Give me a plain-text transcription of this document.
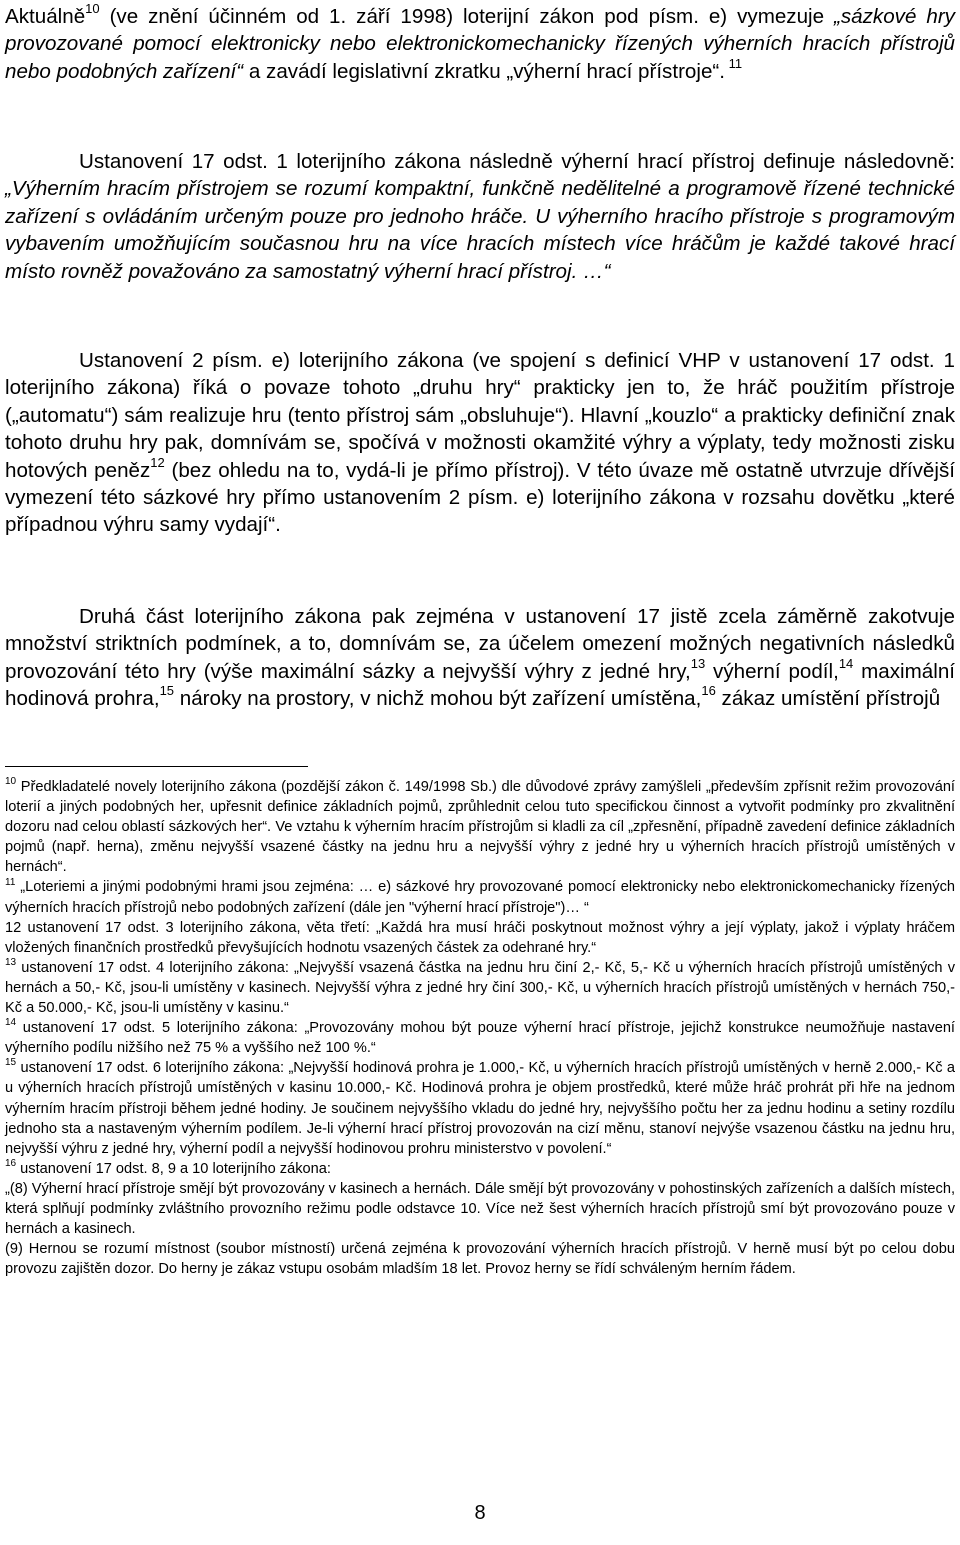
Aktuálně$^{10}$ (ve znění účinném od 1. září 1998) loterijní zákon pod písm. e) vymezuje „sázkové hry provozované pomocí elektronicky nebo elektronickomechanicky řízených výherních hracích přístrojů nebo podobných zařízení“ a zavádí legislativní zkratku „výherní hrací přístroje“. $^{11}$

Ustanovení 17 odst. 1 loterijního zákona následně výherní hrací přístroj definuje následovně: „Výherním hracím přístrojem se rozumí kompaktní, funkčně nedělitelné a programově řízené technické zařízení s ovládáním určeným pouze pro jednoho hráče. U výherního hracího přístroje s programovým vybavením umožňujícím současnou hru na více hracích místech více hráčům je každé takové hrací místo rovněž považováno za samostatný výherní hrací přístroj. …“

Ustanovení 2 písm. e) loterijního zákona (ve spojení s definicí VHP v ustanovení 17 odst. 1 loterijního zákona) říká o povaze tohoto „druhu hry“ prakticky jen to, že hráč použitím přístroje („automatu“) sám realizuje hru (tento přístroj sám „obsluhuje“). Hlavní „kouzlo“ a prakticky definiční znak tohoto druhu hry pak, domnívám se, spočívá v možnosti okamžité výhry a výplaty, tedy možnosti zisku hotových peněz$^{12}$ (bez ohledu na to, vydá-li je přímo přístroj). V této úvaze mě ostatně utvrzuje dřívější vymezení této sázkové hry přímo ustanovením 2 písm. e) loterijního zákona v rozsahu dovětku „které případnou výhru samy vydají“.

Druhá část loterijního zákona pak zejména v ustanovení 17 jistě zcela záměrně zakotvuje množství striktních podmínek, a to, domnívám se, za účelem omezení možných negativních následků provozování této hry (výše maximální sázky a nejvyšší výhry z jedné hry,$^{13}$ výherní podíl,$^{14}$ maximální hodinová prohra,$^{15}$ nároky na prostory, v nichž mohou být zařízení umístěna,$^{16}$ zákaz umístění přístrojů

$^{10}$ Předkladatelé novely loterijního zákona (pozdější zákon č. 149/1998 Sb.) dle důvodové zprávy zamýšleli „především zpřísnit režim provozování loterií a jiných podobných her, upřesnit definice základních pojmů, zprůhlednit celou tuto specifickou činnost a vytvořit podmínky pro zkvalitnění dozoru nad celou oblastí sázkových her“. Ve vztahu k výherním hracím přístrojům si kladli za cíl „zpřesnění, případně zavedení definice základních pojmů (např. herna), změnu nejvyšší vsazené částky na jednu hru a nejvyšší výhry z jedné hry u výherních hracích přístrojů umístěných v hernách“.

$^{11}$ „Loteriemi a jinými podobnými hrami jsou zejména: … e) sázkové hry provozované pomocí elektronicky nebo elektronickomechanicky řízených výherních hracích přístrojů nebo podobných zařízení (dále jen "výherní hrací přístroje")… “

12 ustanovení 17 odst. 3 loterijního zákona, věta třetí: „Každá hra musí hráči poskytnout možnost výhry a její výplaty, jakož i výplaty hráčem vložených finančních prostředků převyšujících hodnotu vsazených částek za odehrané hry.“

$^{13}$ ustanovení 17 odst. 4 loterijního zákona: „Nejvyšší vsazená částka na jednu hru činí 2,- Kč, 5,- Kč u výherních hracích přístrojů umístěných v hernách a 50,- Kč, jsou-li umístěny v kasinech. Nejvyšší výhra z jedné hry činí 300,- Kč, u výherních hracích přístrojů umístěných v hernách 750,- Kč a 50.000,- Kč, jsou-li umístěny v kasinu.“

$^{14}$ ustanovení 17 odst. 5 loterijního zákona: „Provozovány mohou být pouze výherní hrací přístroje, jejichž konstrukce neumožňuje nastavení výherního podílu nižšího než 75 % a vyššího než 100 %.“

$^{15}$ ustanovení 17 odst. 6 loterijního zákona: „Nejvyšší hodinová prohra je 1.000,- Kč, u výherních hracích přístrojů umístěných v herně 2.000,- Kč a u výherních hracích přístrojů umístěných v kasinu 10.000,- Kč. Hodinová prohra je objem prostředků, které může hráč prohrát při hře na jednom výherním hracím přístroji během jedné hodiny. Je součinem nejvyššího vkladu do jedné hry, nejvyššího počtu her za jednu hodinu a setiny rozdílu jednoho sta a nastaveným výherním podílem. Je-li výherní hrací přístroj provozován na cizí měnu, stanoví nejvýše vsazenou částku na jednu hru, nejvyšší výhru z jedné hry, výherní podíl a nejvyšší hodinovou prohru ministerstvo v povolení.“

$^{16}$ ustanovení 17 odst. 8, 9 a 10 loterijního zákona:

„(8) Výherní hrací přístroje smějí být provozovány v kasinech a hernách. Dále smějí být provozovány v pohostinských zařízeních a dalších místech, která splňují podmínky zvláštního provozního režimu podle odstavce 10. Více než šest výherních hracích přístrojů smí být provozováno pouze v hernách a kasinech.

(9) Hernou se rozumí místnost (soubor místností) určená zejména k provozování výherních hracích přístrojů. V herně musí být po celou dobu provozu zajištěn dozor. Do herny je zákaz vstupu osobám mladším 18 let. Provoz herny se řídí schváleným herním řádem.

8
